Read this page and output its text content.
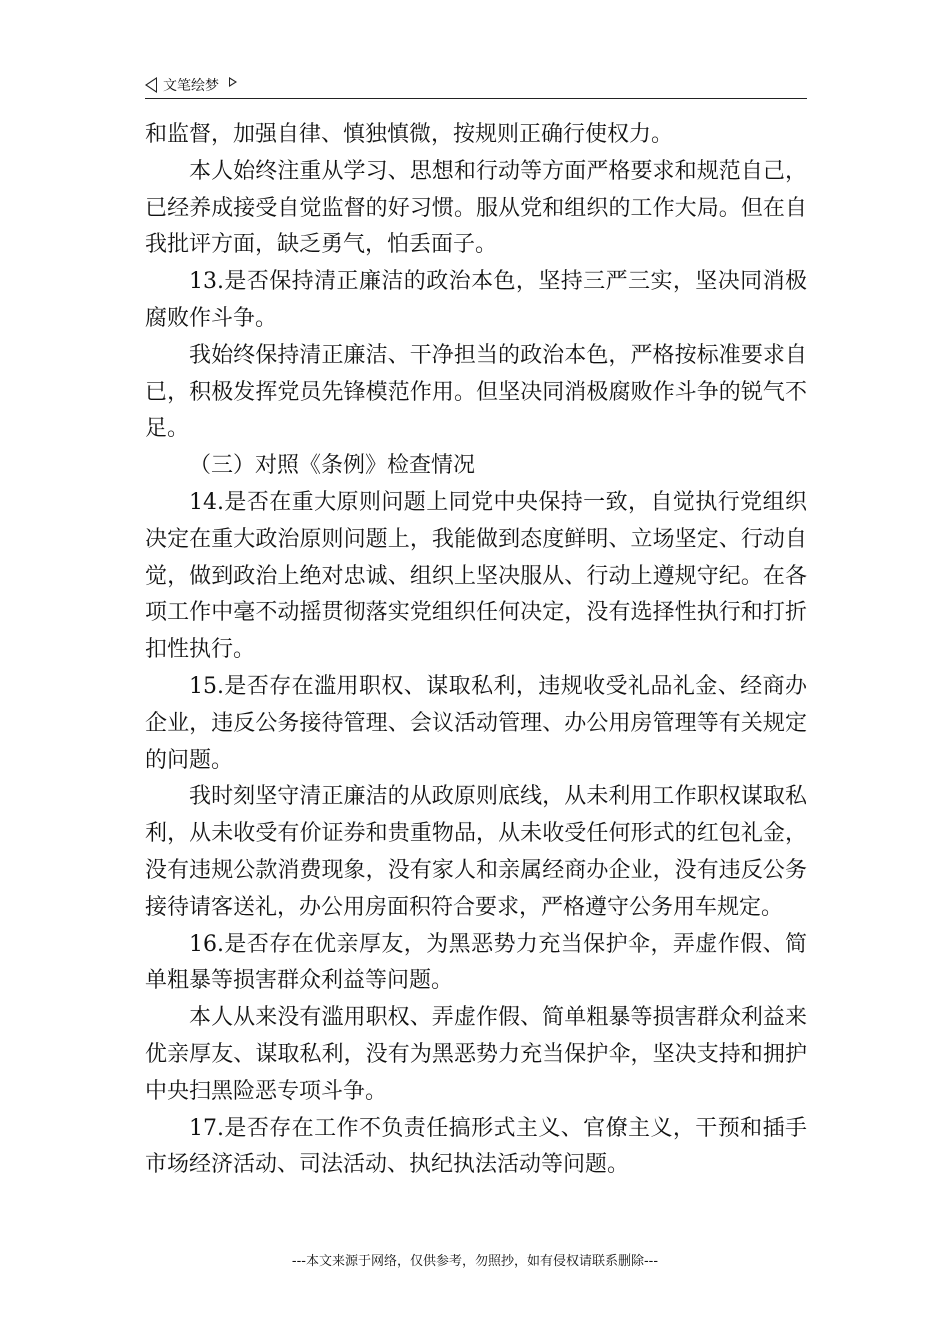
文笔绘梦

和监督，加强自律、慎独慎微，按规则正确行使权力。

本人始终注重从学习、思想和行动等方面严格要求和规范自己，已经养成接受自觉监督的好习惯。服从党和组织的工作大局。但在自我批评方面，缺乏勇气，怕丢面子。

13.是否保持清正廉洁的政治本色，坚持三严三实，坚决同消极腐败作斗争。

我始终保持清正廉洁、干净担当的政治本色，严格按标准要求自已，积极发挥党员先锋模范作用。但坚决同消极腐败作斗争的锐气不足。

（三）对照《条例》检查情况

14.是否在重大原则问题上同党中央保持一致，自觉执行党组织决定在重大政治原则问题上，我能做到态度鲜明、立场坚定、行动自觉，做到政治上绝对忠诚、组织上坚决服从、行动上遵规守纪。在各项工作中毫不动摇贯彻落实党组织任何决定，没有选择性执行和打折扣性执行。

15.是否存在滥用职权、谋取私利，违规收受礼品礼金、经商办企业，违反公务接待管理、会议活动管理、办公用房管理等有关规定的问题。

我时刻坚守清正廉洁的从政原则底线，从未利用工作职权谋取私利，从未收受有价证券和贵重物品，从未收受任何形式的红包礼金，没有违规公款消费现象，没有家人和亲属经商办企业，没有违反公务接待请客送礼，办公用房面积符合要求，严格遵守公务用车规定。

16.是否存在优亲厚友，为黑恶势力充当保护伞，弄虚作假、简单粗暴等损害群众利益等问题。

本人从来没有滥用职权、弄虚作假、简单粗暴等损害群众利益来优亲厚友、谋取私利，没有为黑恶势力充当保护伞，坚决支持和拥护中央扫黑险恶专项斗争。

17.是否存在工作不负责任搞形式主义、官僚主义，干预和插手市场经济活动、司法活动、执纪执法活动等问题。

---本文来源于网络，仅供参考，勿照抄，如有侵权请联系删除---
